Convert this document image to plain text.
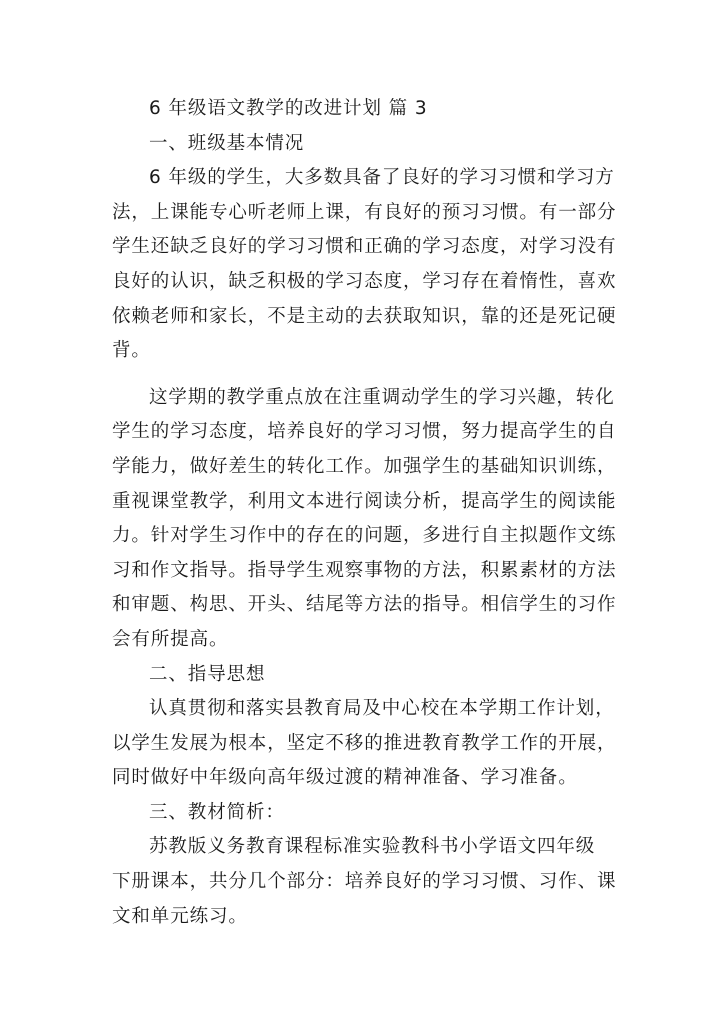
6 年级语文教学的改进计划 篇 3
一、班级基本情况
6 年级的学生，大多数具备了良好的学习习惯和学习方
法，上课能专心听老师上课，有良好的预习习惯。有一部分
学生还缺乏良好的学习习惯和正确的学习态度，对学习没有
良好的认识，缺乏积极的学习态度，学习存在着惰性，喜欢
依赖老师和家长，不是主动的去获取知识，靠的还是死记硬
背。
这学期的教学重点放在注重调动学生的学习兴趣，转化
学生的学习态度，培养良好的学习习惯，努力提高学生的自
学能力，做好差生的转化工作。加强学生的基础知识训练，
重视课堂教学，利用文本进行阅读分析，提高学生的阅读能
力。针对学生习作中的存在的问题，多进行自主拟题作文练
习和作文指导。指导学生观察事物的方法，积累素材的方法
和审题、构思、开头、结尾等方法的指导。相信学生的习作
会有所提高。
二、指导思想
认真贯彻和落实县教育局及中心校在本学期工作计划，
以学生发展为根本，坚定不移的推进教育教学工作的开展，
同时做好中年级向高年级过渡的精神准备、学习准备。
三、教材简析：
苏教版义务教育课程标准实验教科书小学语文四年级
下册课本，共分几个部分：培养良好的学习习惯、习作、课
文和单元练习。
